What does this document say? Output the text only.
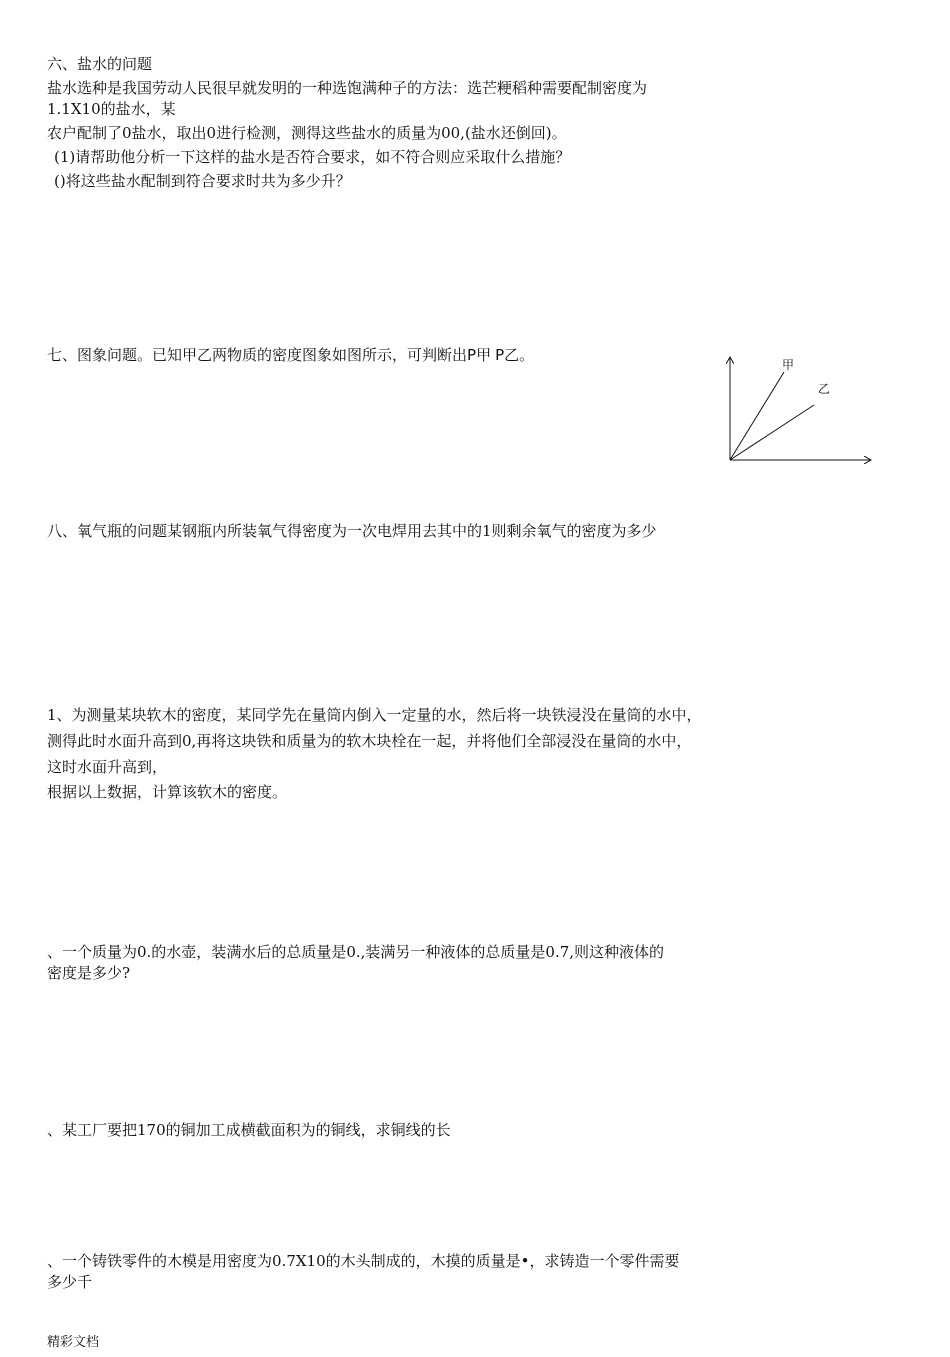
六、盐水的问题
盐水选种是我国劳动人民很早就发明的一种选饱满种子的方法：选芒粳稻种需要配制密度为
1.1X10的盐水，某
农户配制了0盐水，取出0进行检测，测得这些盐水的质量为00,(盐水还倒回)。
(1)请帮助他分析一下这样的盐水是否符合要求，如不符合则应采取什么措施？
()将这些盐水配制到符合要求时共为多少升？
七、图象问题。已知甲乙两物质的密度图象如图所示，可判断出P甲 P乙。
甲
乙
八、氧气瓶的问题某钢瓶内所装氧气得密度为一次电焊用去其中的1则剩余氧气的密度为多少
1、为测量某块软木的密度，某同学先在量筒内倒入一定量的水，然后将一块铁浸没在量筒的水中，
测得此时水面升高到0,再将这块铁和质量为的软木块栓在一起，并将他们全部浸没在量筒的水中，
这时水面升高到，
根据以上数据，计算该软木的密度。
、一个质量为0.的水壶，装满水后的总质量是0.,装满另一种液体的总质量是0.7,则这种液体的
密度是多少?
、某工厂要把170的铜加工成横截面积为的铜线，求铜线的长
、一个铸铁零件的木模是用密度为0.7X10的木头制成的，木摸的质量是•，求铸造一个零件需要
多少千
精彩文档
